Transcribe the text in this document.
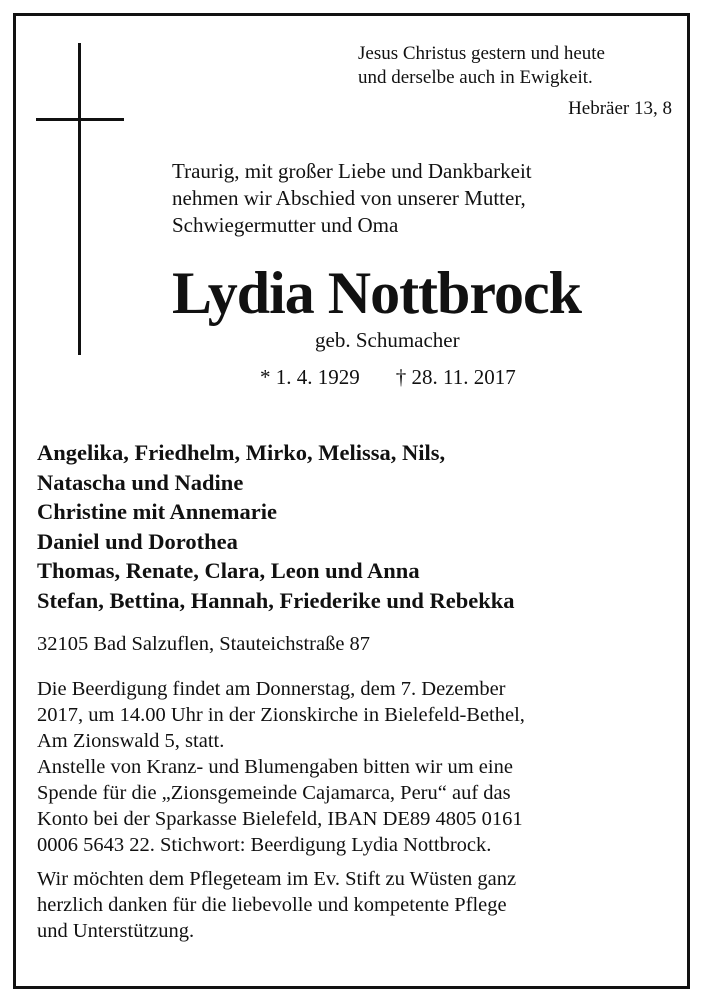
Jesus Christus gestern und heute
und derselbe auch in Ewigkeit.
Hebräer 13, 8
Traurig, mit großer Liebe und Dankbarkeit
nehmen wir Abschied von unserer Mutter,
Schwiegermutter und Oma
Lydia Nottbrock
geb. Schumacher
* 1. 4. 1929 † 28. 11. 2017
Angelika, Friedhelm, Mirko, Melissa, Nils,
Natascha und Nadine
Christine mit Annemarie
Daniel und Dorothea
Thomas, Renate, Clara, Leon und Anna
Stefan, Bettina, Hannah, Friederike und Rebekka
32105 Bad Salzuflen, Stauteichstraße 87

Die Beerdigung findet am Donnerstag, dem 7. Dezember
2017, um 14.00 Uhr in der Zionskirche in Bielefeld-Bethel,
Am Zionswald 5, statt.

Anstelle von Kranz- und Blumengaben bitten wir um eine
Spende für die „Zionsgemeinde Cajamarca, Peru“ auf das
Konto bei der Sparkasse Bielefeld, IBAN DE89 4805 0161
0006 5643 22. Stichwort: Beerdigung Lydia Nottbrock.

Wir möchten dem Pflegeteam im Ev. Stift zu Wüsten ganz
herzlich danken für die liebevolle und kompetente Pflege
und Unterstützung.
